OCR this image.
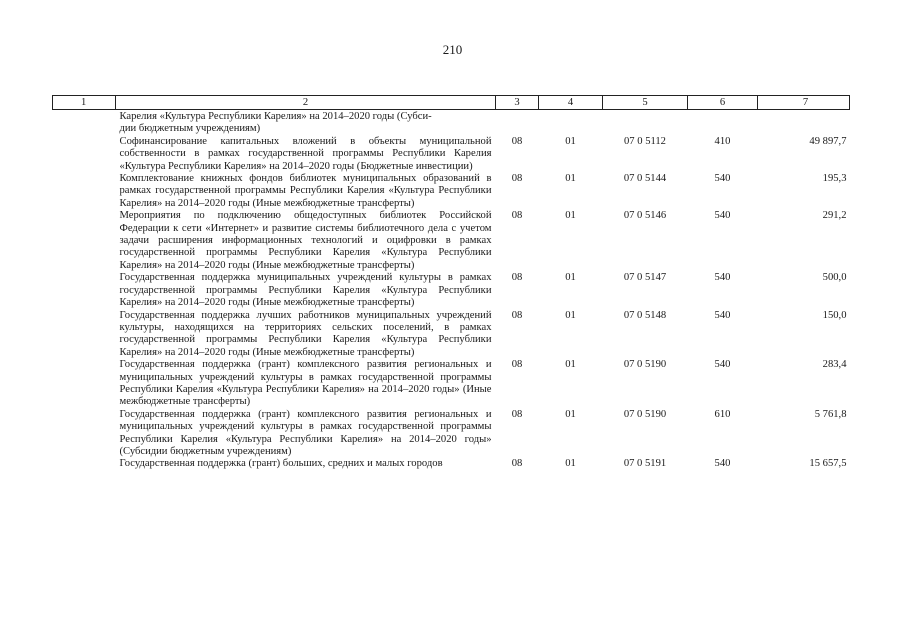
210
1	2	3	4	5	6	7
	Карелия «Культура Республики Карелия» на 2014–2020 годы (Субси-
дии бюджетным учреждениям)					
	Софинансирование капитальных вложений в объекты муниципальной собственности в рамках государственной программы Республики Карелия «Культура Республики Карелия» на 2014–2020 годы (Бюджетные инвестиции)	08	01	07 0 5112	410	49 897,7
	Комплектование книжных фондов библиотек муниципальных образований в рамках государственной программы Республики Карелия «Культура Республики Карелия» на 2014–2020 годы (Иные межбюджетные трансферты)	08	01	07 0 5144	540	195,3
	Мероприятия по подключению общедоступных библиотек Российской Федерации к сети «Интернет» и развитие системы библиотечного дела с учетом задачи расширения информационных технологий и оцифровки в рамках государственной программы Республики Карелия «Культура Республики Карелия» на 2014–2020 годы (Иные межбюджетные трансферты)	08	01	07 0 5146	540	291,2
	Государственная поддержка муниципальных учреждений культуры в рамках государственной программы Республики Карелия «Культура Республики Карелия» на 2014–2020 годы (Иные межбюджетные трансферты)	08	01	07 0 5147	540	500,0
	Государственная поддержка лучших работников муниципальных учреждений культуры, находящихся на территориях сельских поселений, в рамках государственной программы Республики Карелия «Культура Республики Карелия» на 2014–2020 годы (Иные межбюджетные трансферты)	08	01	07 0 5148	540	150,0
	Государственная поддержка (грант) комплексного развития региональных и муниципальных учреждений культуры в рамках государственной программы Республики Карелия «Культура Республики Карелия» на 2014–2020 годы» (Иные межбюджетные трансферты)	08	01	07 0 5190	540	283,4
	Государственная поддержка (грант) комплексного развития региональных и муниципальных учреждений культуры в рамках государственной программы Республики Карелия «Культура Республики Карелия» на 2014–2020 годы» (Субсидии бюджетным учреждениям)	08	01	07 0 5190	610	5 761,8
	Государственная поддержка (грант) больших, средних и малых городов	08	01	07 0 5191	540	15 657,5
